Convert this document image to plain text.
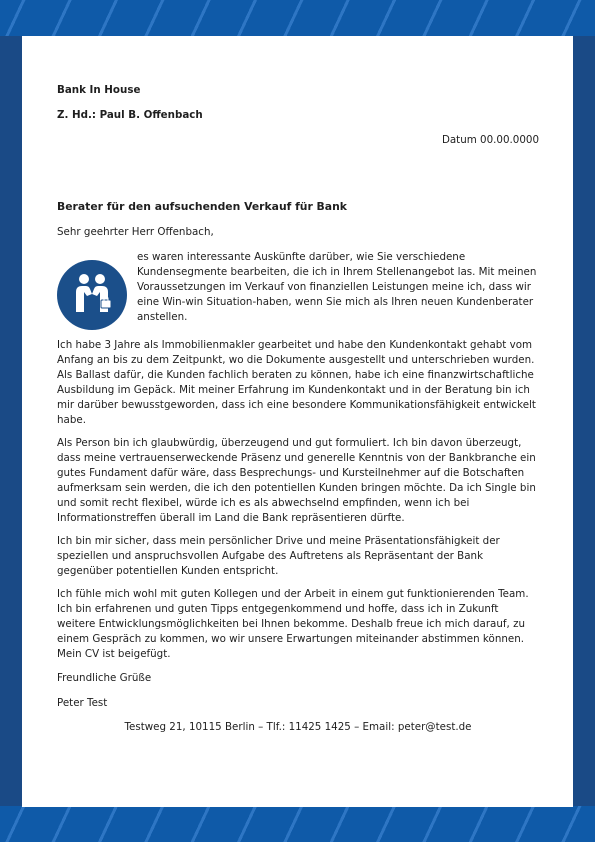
Bank In House

Z. Hd.: Paul B. Offenbach

Datum 00.00.0000
Berater für den aufsuchenden Verkauf für Bank
Sehr geehrter Herr Offenbach,
es waren interessante Auskünfte darüber, wie Sie verschiedene Kundensegmente bearbeiten, die ich in Ihrem Stellenangebot las. Mit meinen Voraussetzungen im Verkauf von finanziellen Leistungen meine ich, dass wir eine Win-win Situation-haben, wenn Sie mich als Ihren neuen Kundenberater anstellen.

Ich habe 3 Jahre als Immobilienmakler gearbeitet und habe den Kundenkontakt gehabt vom Anfang an bis zu dem Zeitpunkt, wo die Dokumente ausgestellt und unterschrieben wurden. Als Ballast dafür, die Kunden fachlich beraten zu können, habe ich eine finanzwirtschaftliche Ausbildung im Gepäck. Mit meiner Erfahrung im Kundenkontakt und in der Beratung bin ich mir darüber bewusstgeworden, dass ich eine besondere Kommunikationsfähigkeit entwickelt habe.

Als Person bin ich glaubwürdig, überzeugend und gut formuliert. Ich bin davon überzeugt, dass meine vertrauenserweckende Präsenz und generelle Kenntnis von der Bankbranche ein gutes Fundament dafür wäre, dass Besprechungs- und Kursteilnehmer auf die Botschaften aufmerksam sein werden, die ich den potentiellen Kunden bringen möchte. Da ich Single bin und somit recht flexibel, würde ich es als abwechselnd empfinden, wenn ich bei Informationstreffen überall im Land die Bank repräsentieren dürfte.

Ich bin mir sicher, dass mein persönlicher Drive und meine Präsentationsfähigkeit der speziellen und anspruchsvollen Aufgabe des Auftretens als Repräsentant der Bank gegenüber potentiellen Kunden entspricht.

Ich fühle mich wohl mit guten Kollegen und der Arbeit in einem gut funktionierenden Team. Ich bin erfahrenen und guten Tipps entgegenkommend und hoffe, dass ich in Zukunft weitere Entwicklungsmöglichkeiten bei Ihnen bekomme. Deshalb freue ich mich darauf, zu einem Gespräch zu kommen, wo wir unsere Erwartungen miteinander abstimmen können. Mein CV ist beigefügt.

Freundliche Grüße
Peter Test
Testweg 21, 10115 Berlin – Tlf.: 11425 1425 – Email: peter@test.de
